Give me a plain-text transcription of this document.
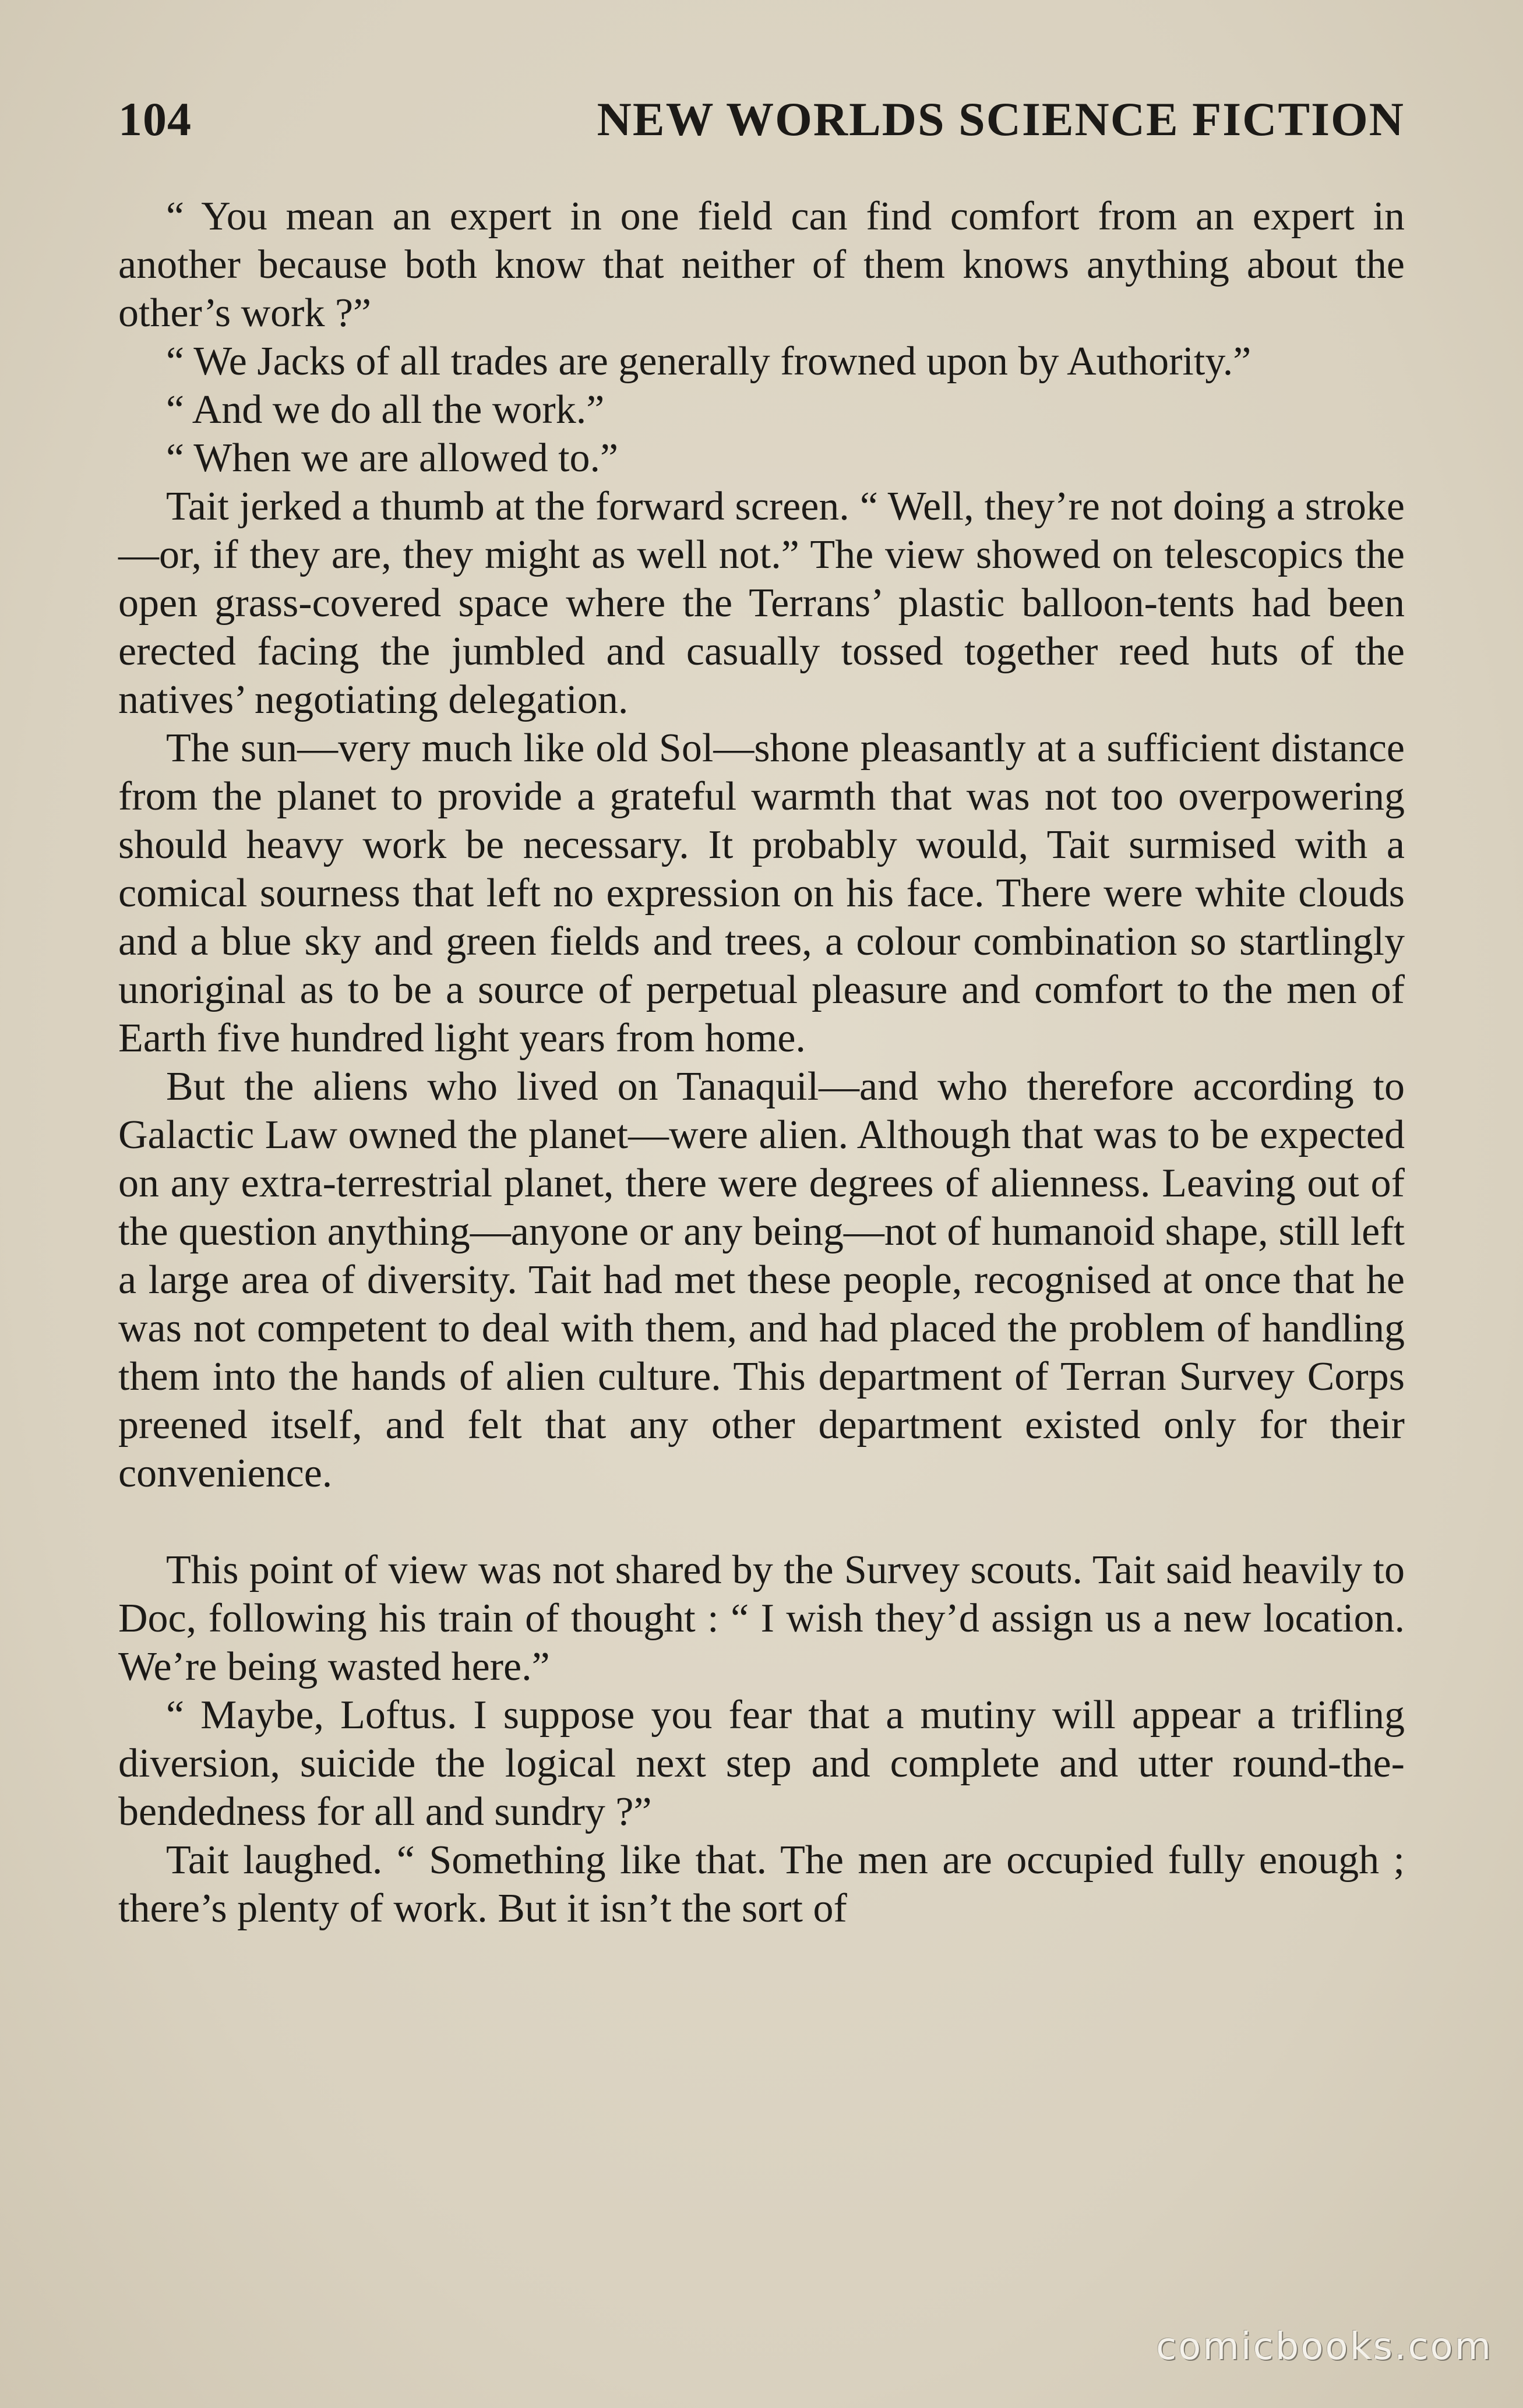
104	NEW WORLDS SCIENCE FICTION

“ You mean an expert in one field can find comfort from an expert in another because both know that neither of them knows anything about the other’s work ?”

“ We Jacks of all trades are generally frowned upon by Authority.”

“ And we do all the work.”

“ When we are allowed to.”

Tait jerked a thumb at the forward screen. “ Well, they’re not doing a stroke—or, if they are, they might as well not.” The view showed on telescopics the open grass-covered space where the Terrans’ plastic balloon-tents had been erected facing the jumbled and casually tossed together reed huts of the natives’ negotiating delegation.

The sun—very much like old Sol—shone pleasantly at a sufficient distance from the planet to provide a grateful warmth that was not too overpowering should heavy work be necessary. It probably would, Tait surmised with a comical sourness that left no expression on his face. There were white clouds and a blue sky and green fields and trees, a colour combination so startlingly unoriginal as to be a source of perpetual pleasure and comfort to the men of Earth five hundred light years from home.

But the aliens who lived on Tanaquil—and who therefore according to Galactic Law owned the planet—were alien. Although that was to be expected on any extra-terrestrial planet, there were degrees of alienness. Leaving out of the question anything—anyone or any being—not of humanoid shape, still left a large area of diversity. Tait had met these people, recognised at once that he was not competent to deal with them, and had placed the problem of handling them into the hands of alien culture. This department of Terran Survey Corps preened itself, and felt that any other department existed only for their convenience.

This point of view was not shared by the Survey scouts. Tait said heavily to Doc, following his train of thought : “ I wish they’d assign us a new location. We’re being wasted here.”

“ Maybe, Loftus. I suppose you fear that a mutiny will appear a trifling diversion, suicide the logical next step and complete and utter round-the-bendedness for all and sundry ?”

Tait laughed. “ Something like that. The men are occupied fully enough ; there’s plenty of work. But it isn’t the sort of

comicbooks.com
